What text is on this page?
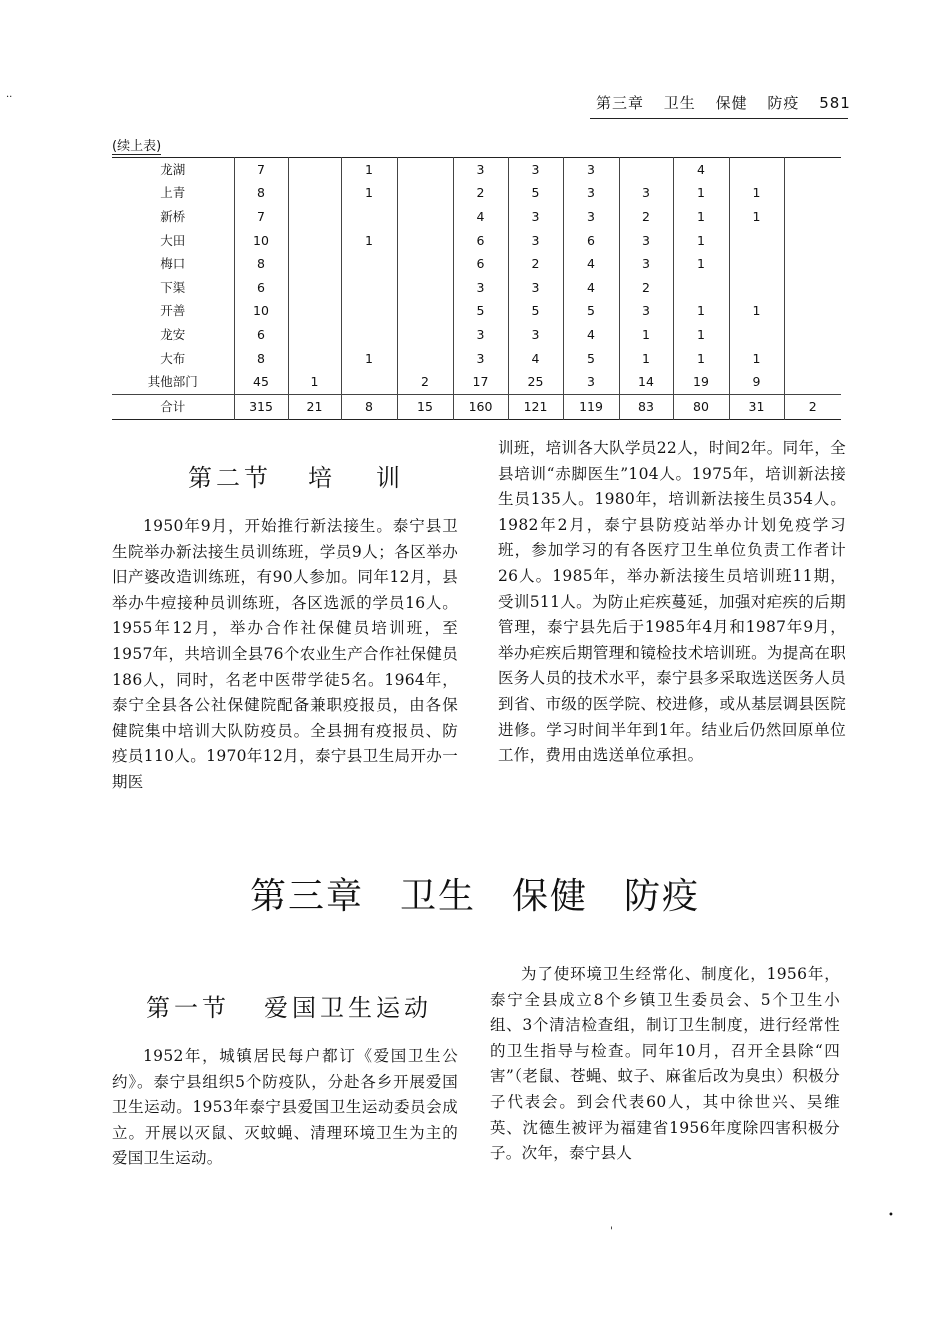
·‧	第三章 卫生 保健 防疫 581
(续上表)
龙湖	7		1		3	3	3		4		
上青	8		1		2	5	3	3	1	1	
新桥	7				4	3	3	2	1	1	
大田	10		1		6	3	6	3	1		
梅口	8				6	2	4	3	1		
下渠	6				3	3	4	2			
开善	10				5	5	5	3	1	1	
龙安	6				3	3	4	1	1		
大布	8		1		3	4	5	1	1	1	
其他部门	45	1		2	17	25	3	14	19	9	
合计	315	21	8	15	160	121	119	83	80	31	2
第二节 培 训

1950年9月，开始推行新法接生。泰宁县卫生院举办新法接生员训练班，学员9人；各区举办旧产婆改造训练班，有90人参加。同年12月，县举办牛痘接种员训练班，各区选派的学员16人。1955年12月，举办合作社保健员培训班，至1957年，共培训全县76个农业生产合作社保健员186人，同时，名老中医带学徒5名。1964年，泰宁全县各公社保健院配备兼职疫报员，由各保健院集中培训大队防疫员。全县拥有疫报员、防疫员110人。1970年12月，泰宁县卫生局开办一期医

训班，培训各大队学员22人，时间2年。同年，全县培训“赤脚医生”104人。1975年，培训新法接生员135人。1980年，培训新法接生员354人。1982年2月，泰宁县防疫站举办计划免疫学习班，参加学习的有各医疗卫生单位负责工作者计26人。1985年，举办新法接生员培训班11期，受训511人。为防止疟疾蔓延，加强对疟疾的后期管理，泰宁县先后于1985年4月和1987年9月，举办疟疾后期管理和镜检技术培训班。为提高在职医务人员的技术水平，泰宁县多采取选送医务人员到省、市级的医学院、校进修，或从基层调县医院进修。学习时间半年到1年。结业后仍然回原单位工作，费用由选送单位承担。

第三章 卫生 保健 防疫
第一节 爱国卫生运动

1952年，城镇居民每户都订《爱国卫生公约》。泰宁县组织5个防疫队，分赴各乡开展爱国卫生运动。1953年泰宁县爱国卫生运动委员会成立。开展以灭鼠、灭蚊蝇、清理环境卫生为主的爱国卫生运动。

为了使环境卫生经常化、制度化，1956年，泰宁全县成立8个乡镇卫生委员会、5个卫生小组、3个清洁检查组，制订卫生制度，进行经常性的卫生指导与检查。同年10月，召开全县除“四害”（老鼠、苍蝇、蚊子、麻雀后改为臭虫）积极分子代表会。到会代表60人，其中徐世兴、吴维英、沈德生被评为福建省1956年度除四害积极分子。次年，泰宁县人

'
•
